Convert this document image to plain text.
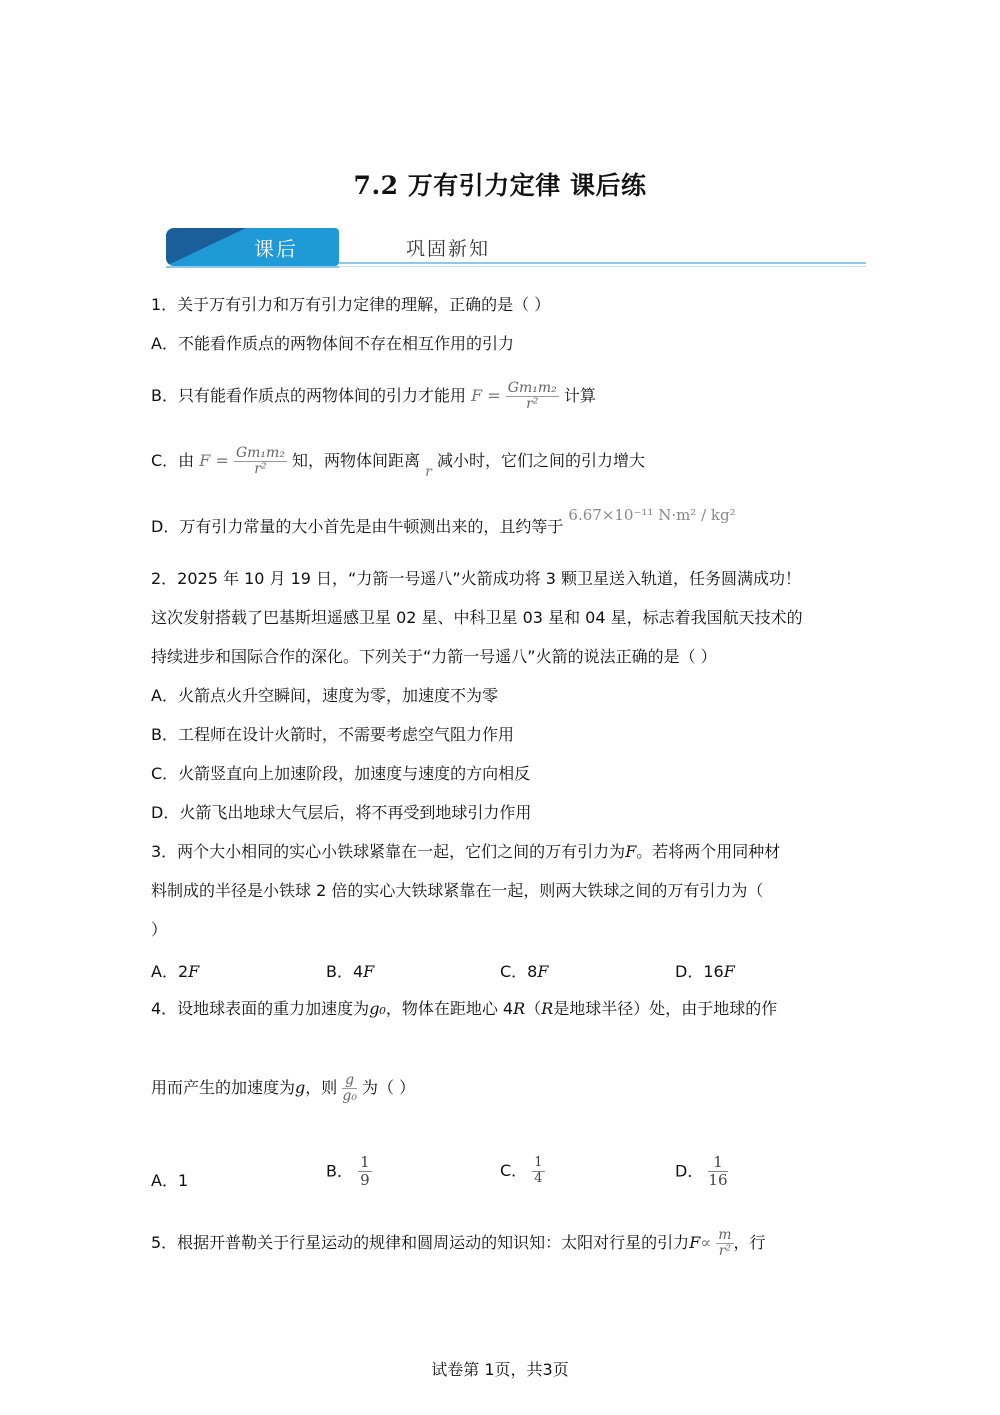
7.2 万有引力定律 课后练
课后	巩固新知
1．关于万有引力和万有引力定律的理解，正确的是（ ）
A．不能看作质点的两物体间不存在相互作用的引力
B．只有能看作质点的两物体间的引力才能用 $F = \frac{\text{Gm₁m₂}}{\text{r²}}$ 计算
C．由 $F = \frac{\text{Gm₁m₂}}{\text{r²}}$ 知，两物体间距离 r 减小时，它们之间的引力增大
D．万有引力常量的大小首先是由牛顿测出来的，且约等于 6.67×10⁻¹¹ N·m² / kg²
2．2025 年 10 月 19 日，“力箭一号遥八”火箭成功将 3 颗卫星送入轨道，任务圆满成功！
这次发射搭载了巴基斯坦遥感卫星 02 星、中科卫星 03 星和 04 星，标志着我国航天技术的
持续进步和国际合作的深化。下列关于“力箭一号遥八”火箭的说法正确的是（ ）
A．火箭点火升空瞬间，速度为零，加速度不为零
B．工程师在设计火箭时，不需要考虑空气阻力作用
C．火箭竖直向上加速阶段，加速度与速度的方向相反
D．火箭飞出地球大气层后，将不再受到地球引力作用
3．两个大小相同的实心小铁球紧靠在一起，它们之间的万有引力为F。若将两个用同种材
料制成的半径是小铁球 2 倍的实心大铁球紧靠在一起，则两大铁球之间的万有引力为（
）
A．2F	B．4F	C．8F	D．16F
4．设地球表面的重力加速度为g₀，物体在距地心 4R（R是地球半径）处，由于地球的作
用而产生的加速度为g，则 $\frac{g}{\text{g₀}}$ 为（ ）
A．1
B． $\frac{1}{9}$	C． $\frac{1}{4}$	D． $\frac{1}{16}$
5．根据开普勒关于行星运动的规律和圆周运动的知识知：太阳对行星的引力$F\propto \frac{m}{\text{r²}}$ ，行
试卷第 1页，共3页
